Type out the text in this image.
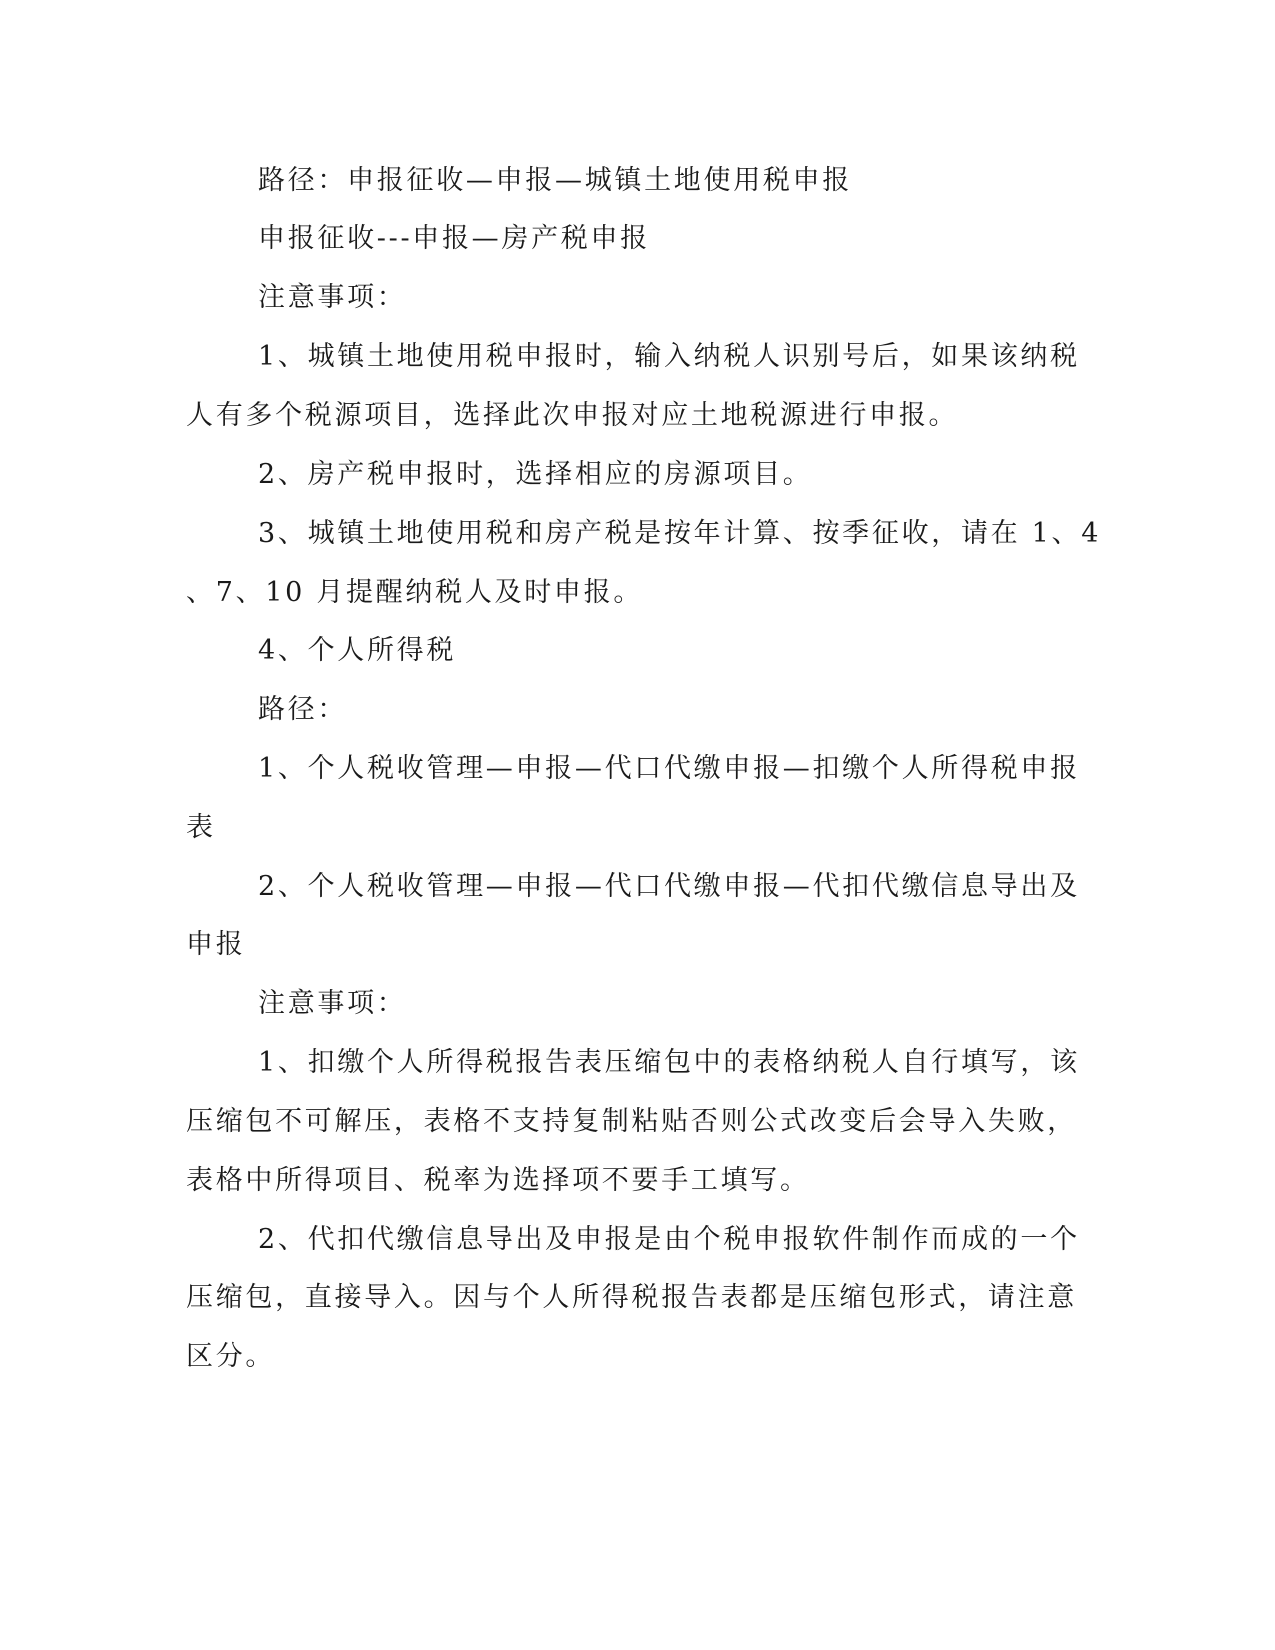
路径：申报征收—申报—城镇土地使用税申报
申报征收---申报—房产税申报
注意事项：
1、城镇土地使用税申报时，输入纳税人识别号后，如果该纳税
人有多个税源项目，选择此次申报对应土地税源进行申报。
2、房产税申报时，选择相应的房源项目。
3、城镇土地使用税和房产税是按年计算、按季征收，请在 1、4
、7、10 月提醒纳税人及时申报。
4、个人所得税
路径：
1、个人税收管理—申报—代口代缴申报—扣缴个人所得税申报
表
2、个人税收管理—申报—代口代缴申报—代扣代缴信息导出及
申报
注意事项：
1、扣缴个人所得税报告表压缩包中的表格纳税人自行填写，该
压缩包不可解压，表格不支持复制粘贴否则公式改变后会导入失败，
表格中所得项目、税率为选择项不要手工填写。
2、代扣代缴信息导出及申报是由个税申报软件制作而成的一个
压缩包，直接导入。因与个人所得税报告表都是压缩包形式，请注意
区分。
